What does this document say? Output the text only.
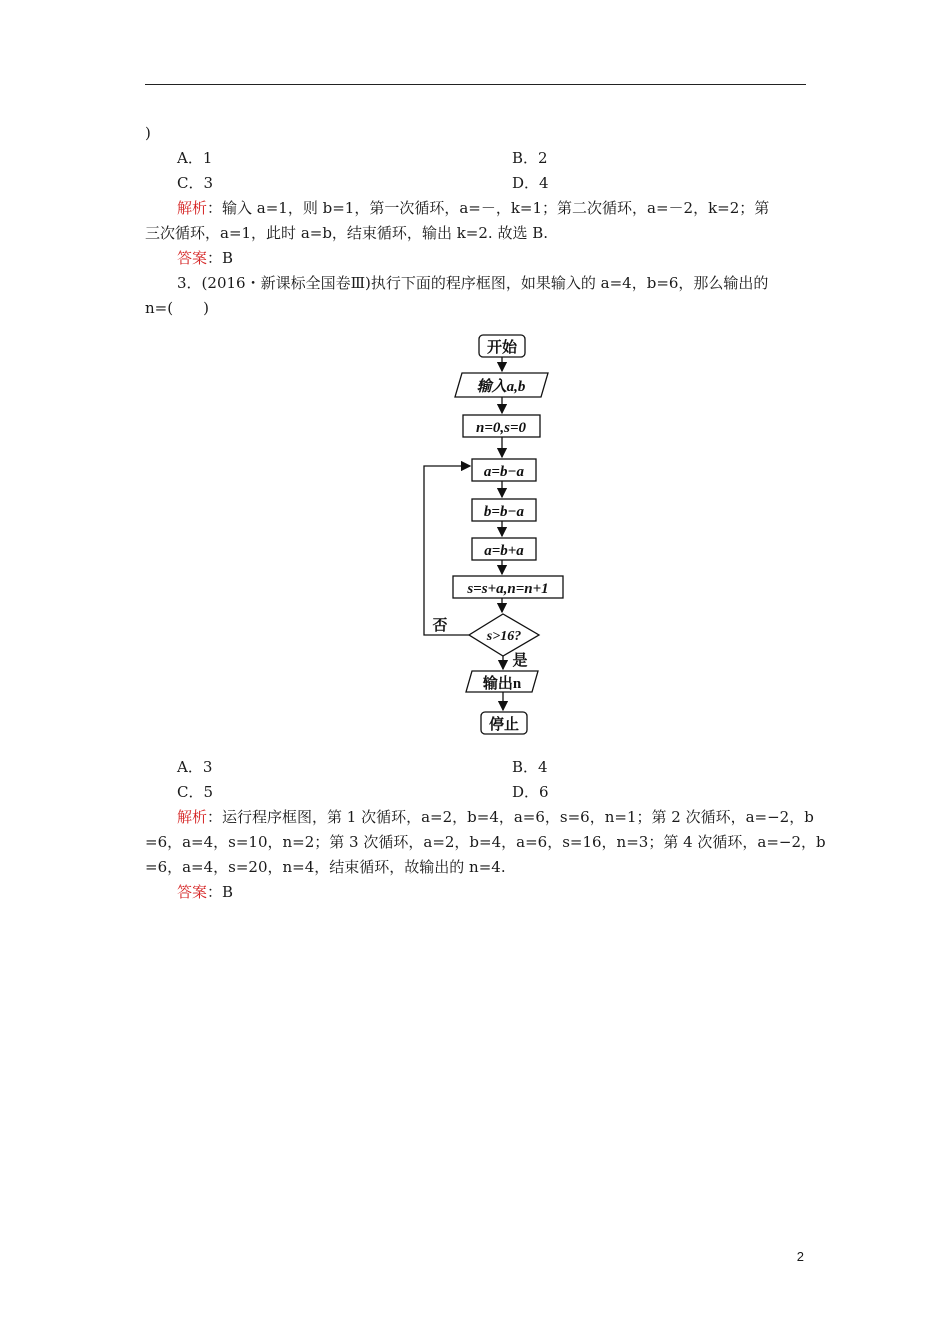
)
A．1	B．2
C．3	D．4
解析：输入 a=1，则 b=1，第一次循环，a=－，k=1；第二次循环，a=－2，k=2；第
三次循环，a=1，此时 a=b，结束循环，输出 k=2. 故选 B.
答案：B
3．(2016・新课标全国卷Ⅲ)执行下面的程序框图，如果输入的 a=4，b=6，那么输出的
n=(　　)
开始
输入a,b
n=0,s=0
a=b−a
b=b−a
a=b+a
s=s+a,n=n+1
s>16?
否
是
输出n
停止
A．3	B．4
C．5	D．6
解析：运行程序框图，第 1 次循环，a=2，b=4，a=6，s=6，n=1；第 2 次循环，a=−2，b
=6，a=4，s=10，n=2；第 3 次循环，a=2，b=4，a=6，s=16，n=3；第 4 次循环，a=−2，b
=6，a=4，s=20，n=4，结束循环，故输出的 n=4.
答案：B
2
